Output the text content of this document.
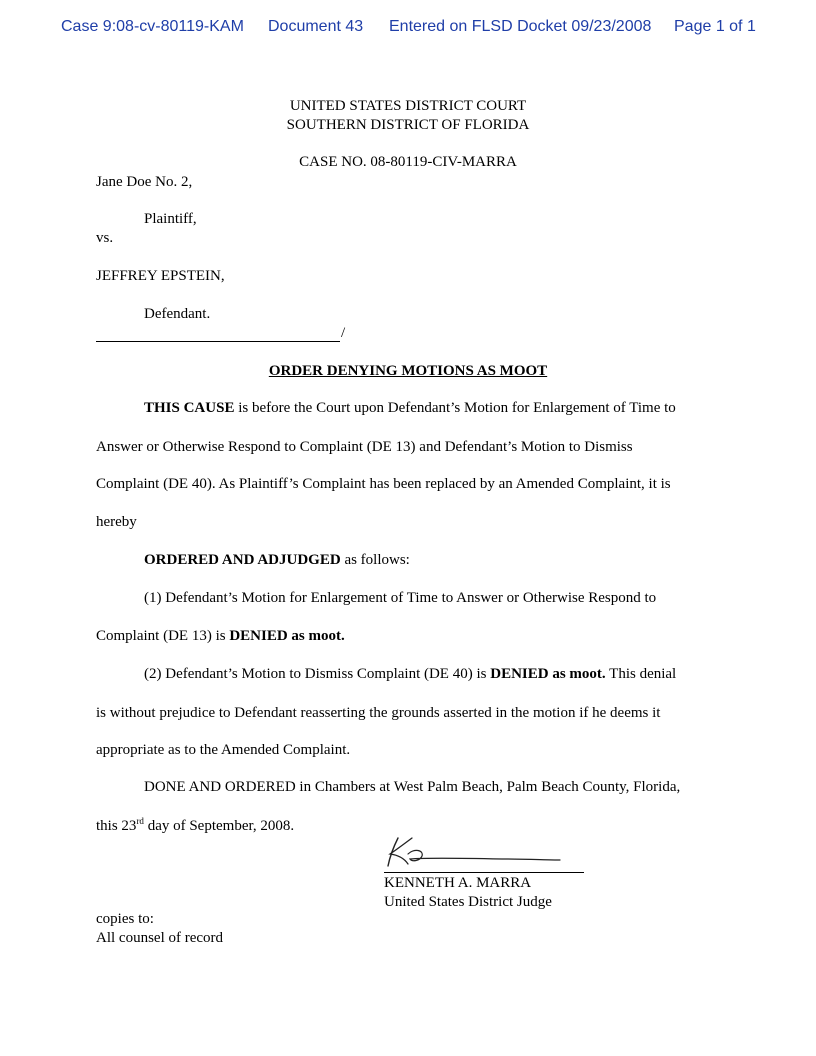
Case 9:08-cv-80119-KAM Document 43 Entered on FLSD Docket 09/23/2008 Page 1 of 1
UNITED STATES DISTRICT COURT
SOUTHERN DISTRICT OF FLORIDA
CASE NO. 08-80119-CIV-MARRA
Jane Doe No. 2,
Plaintiff,
vs.
JEFFREY EPSTEIN,
Defendant.
/
ORDER DENYING MOTIONS AS MOOT
THIS CAUSE is before the Court upon Defendant’s Motion for Enlargement of Time to
Answer or Otherwise Respond to Complaint (DE 13) and Defendant’s Motion to Dismiss
Complaint (DE 40). As Plaintiff’s Complaint has been replaced by an Amended Complaint, it is
hereby
ORDERED AND ADJUDGED as follows:
(1) Defendant’s Motion for Enlargement of Time to Answer or Otherwise Respond to
Complaint (DE 13) is DENIED as moot.
(2) Defendant’s Motion to Dismiss Complaint (DE 40) is DENIED as moot. This denial
is without prejudice to Defendant reasserting the grounds asserted in the motion if he deems it
appropriate as to the Amended Complaint.
DONE AND ORDERED in Chambers at West Palm Beach, Palm Beach County, Florida,
this 23rd day of September, 2008.
KENNETH A. MARRA
United States District Judge
copies to:
All counsel of record
